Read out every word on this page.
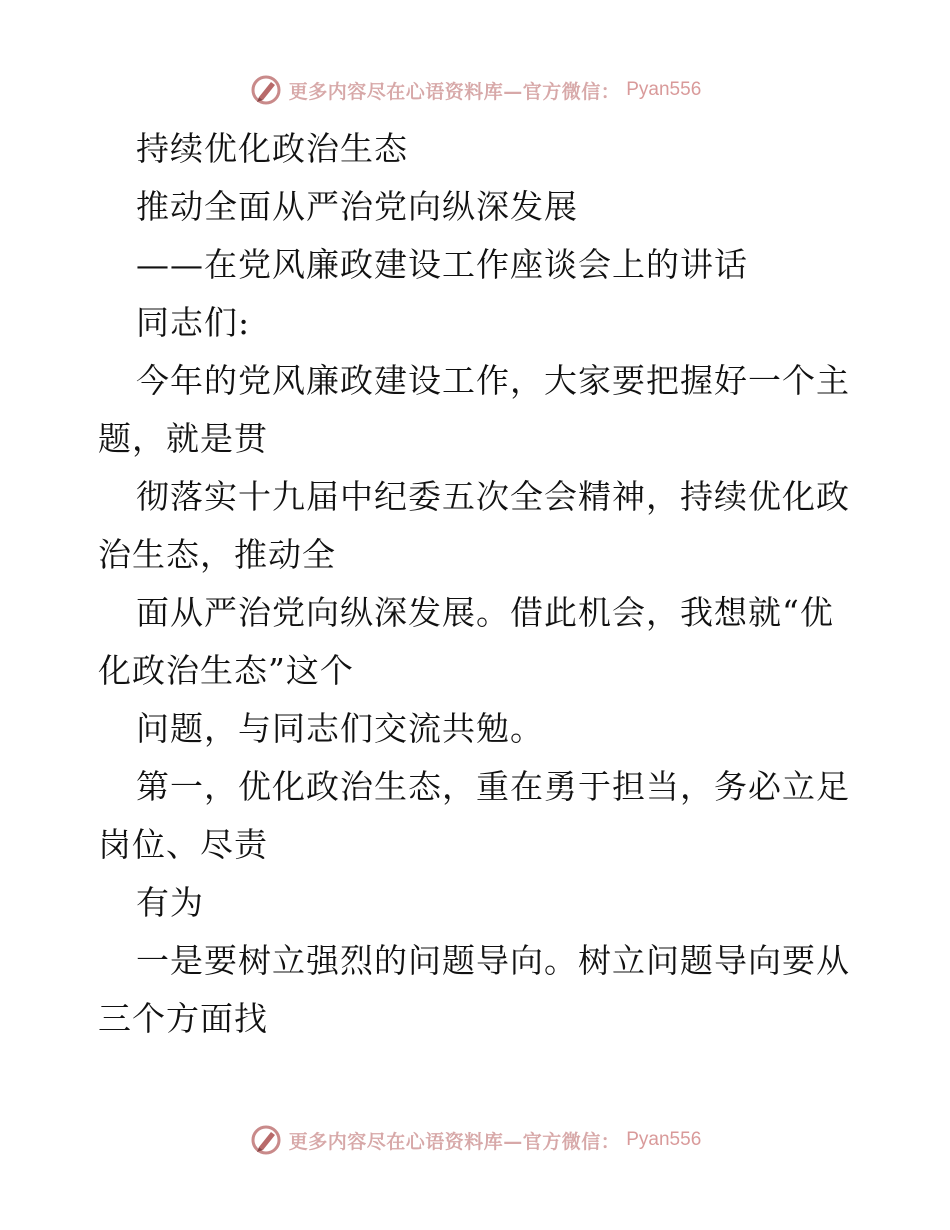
更多内容尽在心语资料库—官方微信： Pyan556

持续优化政治生态

推动全面从严治党向纵深发展

——在党风廉政建设工作座谈会上的讲话

同志们:

今年的党风廉政建设工作，大家要把握好一个主题，就是贯

彻落实十九届中纪委五次全会精神，持续优化政治生态，推动全

面从严治党向纵深发展。借此机会，我想就“优化政治生态”这个

问题，与同志们交流共勉。

第一，优化政治生态，重在勇于担当，务必立足岗位、尽责

有为

一是要树立强烈的问题导向。树立问题导向要从三个方面找

更多内容尽在心语资料库—官方微信： Pyan556
